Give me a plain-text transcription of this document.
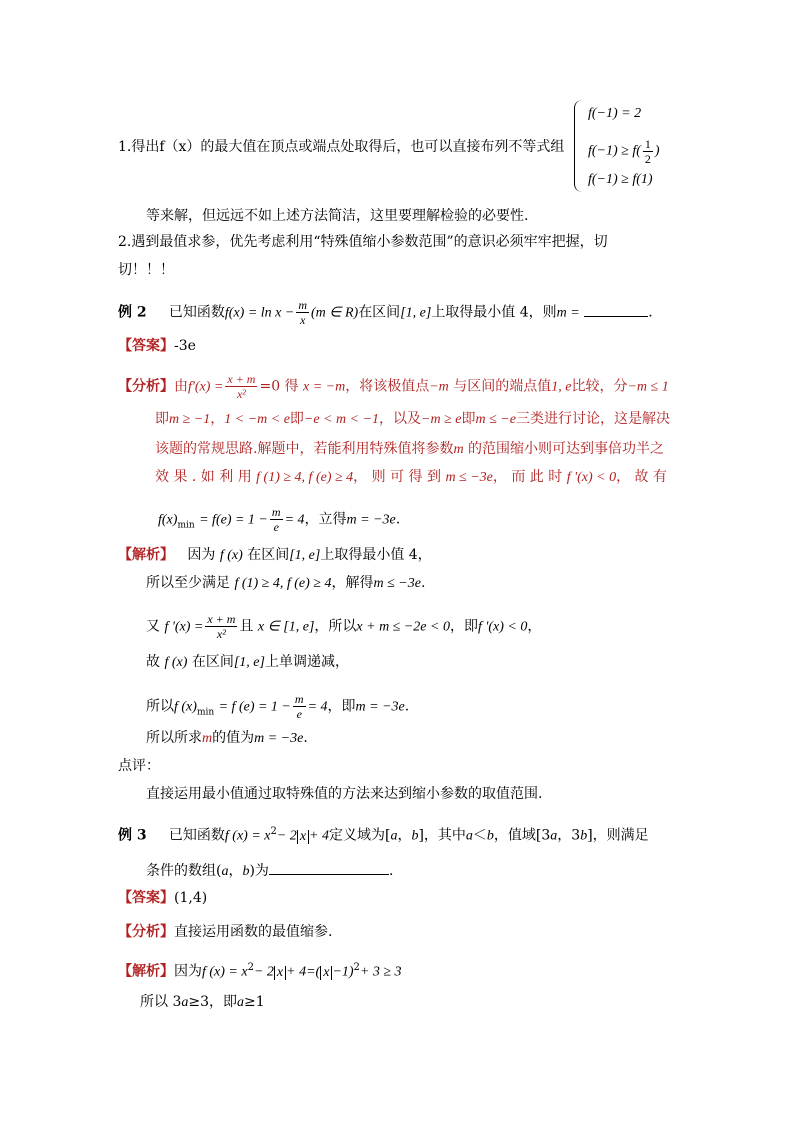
1.得出f（x）的最大值在顶点或端点处取得后，也可以直接布列不等式组
f(−1) = 2
$f(-1) \ge f( \frac{1}{2}$ )
f(−1) ≥ f(1)
等来解，但远远不如上述方法简洁，这里要理解检验的必要性.
2.遇到最值求参，优先考虑利用“特殊值缩小参数范围”的意识必须牢牢把握，切
切！！！
例 2 已知函数$f(x) = \ln x - \frac{m}{x} (m$ ∈ R)在区间[1, e]上取得最小值 4，则m =	.
【答案】-3e
【分析】由$f'(x) = \frac{x + m}{\text{x²}} =0$ 得 x = −m，将该极值点−m 与区间的端点值1, e比较，分−m ≤ 1
即m ≥ −1，1 < −m < e即−e < m < −1，以及−m ≥ e即m ≤ −e三类进行讨论，这是解决
该题的常规思路.解题中，若能利用特殊值将参数m 的范围缩小则可达到事倍功半之
效 果 . 如 利 用 f (1) ≥ 4, f (e) ≥ 4， 则 可 得 到 m ≤ −3e， 而 此 时 f '(x) < 0， 故 有
$f(x)_{min} = f(e) = 1 - \frac{m}{e} = 4$，立得m = −3e.
【解析】 因为 f (x) 在区间[1, e]上取得最小值 4，
所以至少满足 f (1) ≥ 4, f (e) ≥ 4，解得m ≤ −3e.
又 f '$(x) = \frac{x + m}{\text{x²}}$ 且 x ∈ [1, e]，所以x + m ≤ −2e < 0，即f '(x) < 0，
故 f (x) 在区间[1, e]上单调递减，
所以f $(x)_{min} = f$ $(e) = 1 - \frac{m}{e} = 4$，即m = −3e.
所以所求m的值为m = −3e.
点评：
直接运用最小值通过取特殊值的方法来达到缩小参数的取值范围.
例 3 已知函数f $(x) = x^2- 2$ x + 4定义域为[a，b]，其中a＜b，值域[3a，3b]，则满足
条件的数组(a，b)为	.
【答案】(1,4)
【分析】直接运用函数的最值缩参.
【解析】因为f $(x) = x^2- 2$ x + 4=( x −1)$^2$+ 3 ≥ 3
所以 3a≥3，即a≥1
